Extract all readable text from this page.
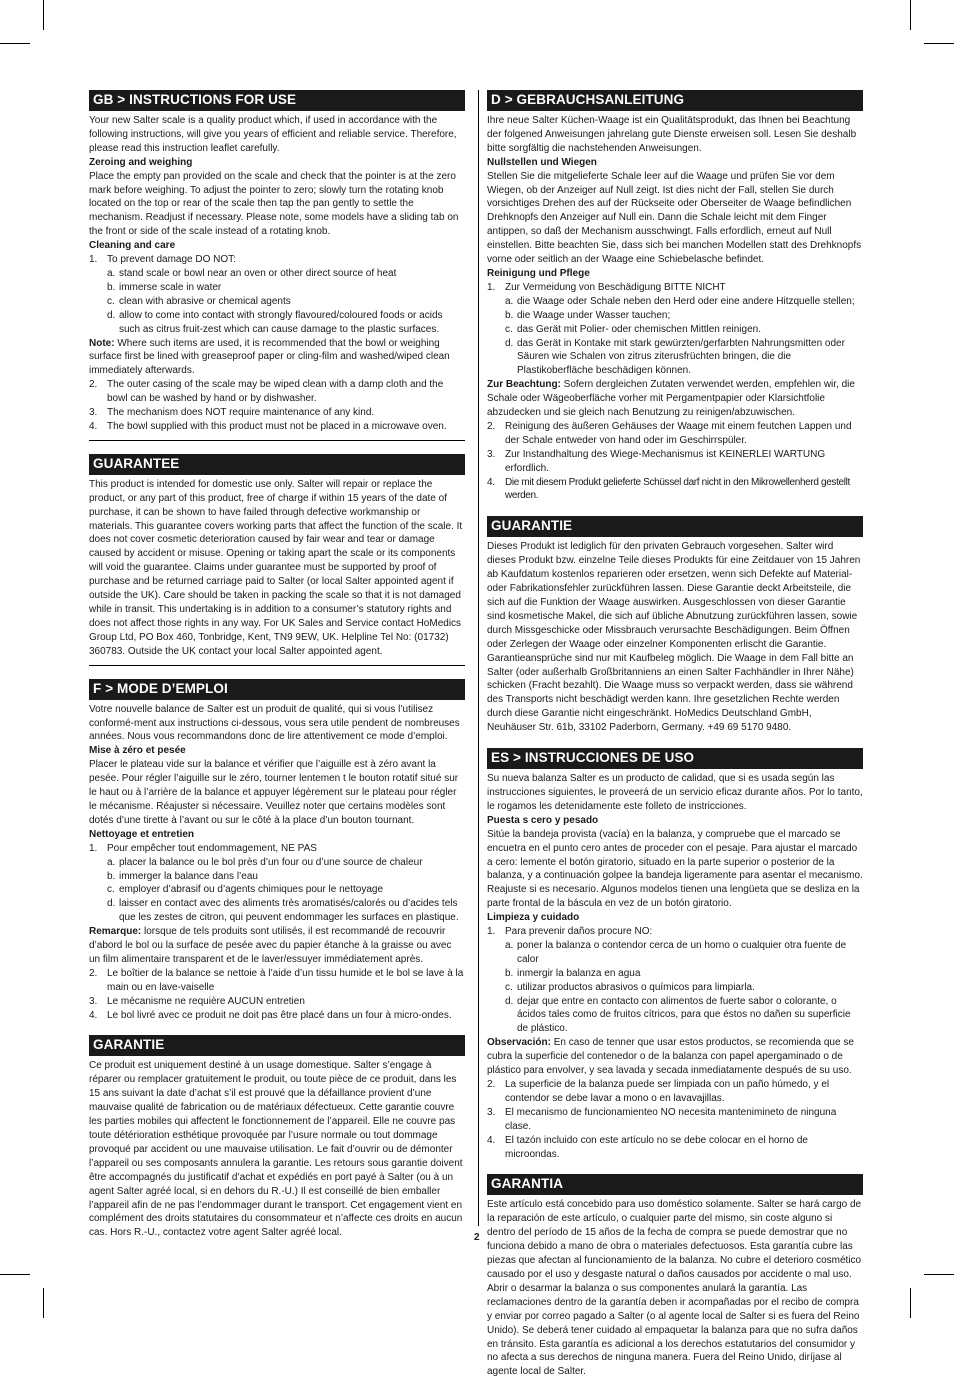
GB > INSTRUCTIONS FOR USE

Your new Salter scale is a quality product which, if used in accordance with the following instructions, will give you years of efficient and reliable service. Therefore, please read this instruction leaflet carefully.

Zeroing and weighing

Place the empty pan provided on the scale and check that the pointer is at the zero mark before weighing. To adjust the pointer to zero; slowly turn the rotating knob located on the top or rear of the scale then tap the pan gently to settle the mechanism. Readjust if necessary. Please note, some models have a sliding tab on the front or side of the scale instead of a rotating knob.

Cleaning and care

1. To prevent damage DO NOT:
a. stand scale or bowl near an oven or other direct source of heat
b. immerse scale in water
c. clean with abrasive or chemical agents
d. allow to come into contact with strongly flavoured/coloured foods or acids such as citrus fruit-zest which can cause damage to the plastic surfaces.

Note: Where such items are used, it is recommended that the bowl or weighing surface first be lined with greaseproof paper or cling-film and washed/wiped clean immediately afterwards.

2. The outer casing of the scale may be wiped clean with a damp cloth and the bowl can be washed by hand or by dishwasher.
3. The mechanism does NOT require maintenance of any kind.
4. The bowl supplied with this product must not be placed in a microwave oven.
GUARANTEE

This product is intended for domestic use only. Salter will repair or replace the product, or any part of this product, free of charge if within 15 years of the date of purchase, it can be shown to have failed through defective workmanship or materials. This guarantee covers working parts that affect the function of the scale. It does not cover cosmetic deterioration caused by fair wear and tear or damage caused by accident or misuse. Opening or taking apart the scale or its components will void the guarantee. Claims under guarantee must be supported by proof of purchase and be returned carriage paid to Salter (or local Salter appointed agent if outside the UK). Care should be taken in packing the scale so that it is not damaged while in transit. This undertaking is in addition to a consumer’s statutory rights and does not affect those rights in any way. For UK Sales and Service contact HoMedics Group Ltd, PO Box 460, Tonbridge, Kent, TN9 9EW, UK. Helpline Tel No: (01732) 360783. Outside the UK contact your local Salter appointed agent.

F > MODE D’EMPLOI

Votre nouvelle balance de Salter est un produit de qualité, qui si vous l’utilisez conformé-ment aux instructions ci-dessous, vous sera utile pendent de nombreuses années. Nous vous recommandons donc de lire attentivement ce mode d’emploi.

Mise à zéro et pesée

Placer le plateau vide sur la balance et vérifier que l’aiguille est à zéro avant la pesée. Pour régler l’aiguille sur le zéro, tourner lentemen t le bouton rotatif situé sur le haut ou à l’arrière de la balance et appuyer légèrement sur le plateau pour régler le mécanisme. Réajuster si nécessaire. Veuillez noter que certains modèles sont dotés d’une tirette à l’avant ou sur le côté à la place d’un bouton tournant.

Nettoyage et entretien

1. Pour empêcher tout endommagement, NE PAS
a. placer la balance ou le bol près d’un four ou d’une source de chaleur
b. immerger la balance dans l’eau
c. employer d’abrasif ou d’agents chimiques pour le nettoyage
d. laisser en contact avec des aliments très aromatisés/calorés ou d’acides tels que les zestes de citron, qui peuvent endommager les surfaces en plastique.

Remarque: lorsque de tels produits sont utilisés, il est recommandé de recouvrir d’abord le bol ou la surface de pesée avec du papier étanche à la graisse ou avec un film alimentaire transparent et de le laver/essuyer immédiatement après.

2. Le boîtier de la balance se nettoie à l’aide d’un tissu humide et le bol se lave à la main ou en lave-vaiselle
3. Le mécanisme ne requière AUCUN entretien
4. Le bol livré avec ce produit ne doit pas être placé dans un four à micro-ondes.
GARANTIE

Ce produit est uniquement destiné à un usage domestique. Salter s’engage à réparer ou remplacer gratuitement le produit, ou toute pièce de ce produit, dans les 15 ans suivant la date d’achat s’il est prouvé que la défaillance provient d’une mauvaise qualité de fabrication ou de matériaux défectueux. Cette garantie couvre les parties mobiles qui affectent le fonctionnement de l’appareil. Elle ne couvre pas toute détérioration esthétique provoquée par l’usure normale ou tout dommage provoqué par accident ou une mauvaise utilisation. Le fait d’ouvrir ou de démonter l’appareil ou ses composants annulera la garantie. Les retours sous garantie doivent être accompagnés du justificatif d’achat et expédiés en port payé à Salter (ou à un agent Salter agréé local, si en dehors du R.-U.) Il est conseillé de bien emballer l’appareil afin de ne pas l’endommager durant le transport. Cet engagement vient en complément des droits statutaires du consommateur et n’affecte ces droits en aucun cas. Hors R.-U., contactez votre agent Salter agréé local.

D > GEBRAUCHSANLEITUNG

Ihre neue Salter Küchen-Waage ist ein Qualitätsprodukt, das Ihnen bei Beachtung der folgened Anweisungen jahrelang gute Dienste erweisen soll. Lesen Sie deshalb bitte sorgfältig die nachstehenden Anweisungen.

Nullstellen und Wiegen

Stellen Sie die mitgelieferte Schale leer auf die Waage und prüfen Sie vor dem Wiegen, ob der Anzeiger auf Null zeigt. Ist dies nicht der Fall, stellen Sie durch vorsichtiges Drehen des auf der Rückseite oder Oberseiter de Waage befindlichen Drehknopfs den Anzeiger auf Null ein. Dann die Schale leicht mit dem Finger antippen, so daß der Mechanism ausschwingt. Falls erfordlich, erneut auf Null einstellen. Bitte beachten Sie, dass sich bei manchen Modellen statt des Drehknopfs vorne oder seitlich an der Waage eine Schiebelasche befindet.

Reinigung und Pflege

1. Zur Vermeidung von Beschädigung BITTE NICHT
a. die Waage oder Schale neben den Herd oder eine andere Hitzquelle stellen;
b. die Waage under Wasser tauchen;
c. das Gerät mit Polier- oder chemischen Mittlen reinigen.
d. das Gerät in Kontake mit stark gewürzten/gerfarbten Nahrungsmitten oder Säuren wie Schalen von zitrus ziterusfrüchten bringen, die die Plastikoberfläche beschädigen können.

Zur Beachtung: Sofern dergleichen Zutaten verwendet werden, empfehlen wir, die Schale oder Wägeoberfläche vorher mit Pergamentpapier oder Klarsichtfolie abzudecken und sie gleich nach Benutzung zu reinigen/abzuwischen.

2. Reinigung des äußeren Gehäuses der Waage mit einem feutchen Lappen und der Schale entweder von hand oder im Geschirrspüler.
3. Zur Instandhaltung des Wiege-Mechanismus ist KEINERLEI WARTUNG erfordlich.
4.	Die mit diesem Produkt gelieferte Schüssel darf nicht in den Mikrowellenherd gestellt werden.
GUARANTIE

Dieses Produkt ist lediglich für den privaten Gebrauch vorgesehen. Salter wird dieses Produkt bzw. einzelne Teile dieses Produkts für eine Zeitdauer von 15 Jahren ab Kaufdatum kostenlos reparieren oder ersetzen, wenn sich Defekte auf Material- oder Fabrikationsfehler zurückführen lassen. Diese Garantie deckt Arbeitsteile, die sich auf die Funktion der Waage auswirken. Ausgeschlossen von dieser Garantie sind kosmetische Makel, die sich auf übliche Abnutzung zurückführen lassen, sowie durch Missgeschicke oder Missbrauch verursachte Beschädigungen. Beim Öffnen oder Zerlegen der Waage oder einzelner Komponenten erlischt die Garantie. Garantieansprüche sind nur mit Kaufbeleg möglich. Die Waage in dem Fall bitte an Salter (oder außerhalb Großbritanniens an einen Salter Fachhändler in Ihrer Nähe) schicken (Fracht bezahlt). Die Waage muss so verpackt werden, dass sie während des Transports nicht beschädigt werden kann. Ihre gesetzlichen Rechte werden durch diese Garantie nicht eingeschränkt. HoMedics Deutschland GmbH, Neuhäuser Str. 61b, 33102 Paderborn, Germany. +49 69 5170 9480.

ES > INSTRUCCIONES DE USO

Su nueva balanza Salter es un producto de calidad, que si es usada según las instrucciones siguientes, le proveerá de un servicio eficaz durante años. Por lo tanto, le rogamos les detenidamente este folleto de instricciones.

Puesta s cero y pesado

Sitúe la bandeja provista (vacía) en la balanza, y compruebe que el marcado se encuetra en el punto cero antes de proceder con el pesaje. Para ajustar el marcado a cero: lemente el botón giratorio, situado en la parte superior o posterior de la balanza, y a continuación golpee la bandeja ligeramente para asentar el mecanismo. Reajuste si es necesario. Algunos modelos tienen una lengüeta que se desliza en la parte frontal de la báscula en vez de un botón giratorio.

Limpieza y cuidado

1. Para prevenir daños procure NO:
a. poner la balanza o contendor cerca de un horno o cualquier otra fuente de calor
b. inmergir la balanza en agua
c. utilizar productos abrasivos o químicos para limpiarla.
d. dejar que entre en contacto con alimentos de fuerte sabor o colorante, o ácidos tales como de fruitos cítricos, para que éstos no dañen su superficie de plástico.

Observación: En caso de tenner que usar estos productos, se recomienda que se cubra la superficie del contenedor o de la balanza con papel apergaminado o de plástico para envolver, y sea lavada y secada inmediatamente después de su uso.

2. La superficie de la balanza puede ser limpiada con un paño húmedo, y el contendor se debe lavar a mono o en lavavajillas.
3. El mecanismo de funcionamienteo NO necesita mantenimineto de ninguna clase.
4. El tazón incluido con este artículo no se debe colocar en el horno de microondas.
GARANTIA

Este artículo está concebido para uso doméstico solamente. Salter se hará cargo de la reparación de este artículo, o cualquier parte del mismo, sin coste alguno si dentro del período de 15 años de la fecha de compra se puede demostrar que no funciona debido a mano de obra o materiales defectuosos. Esta garantía cubre las piezas que afectan al funcionamiento de la balanza. No cubre el deterioro cosmético causado por el uso y desgaste natural o daños causados por accidente o mal uso. Abrir o desarmar la balanza o sus componentes anulará la garantía. Las reclamaciones dentro de la garantía deben ir acompañadas por el recibo de compra y enviar por correo pagado a Salter (o al agente local de Salter si es fuera del Reino Unido). Se deberá tener cuidado al empaquetar la balanza para que no sufra daños en tránsito. Esta garantía es adicional a los derechos estatutarios del consumidor y no afecta a sus derechos de ninguna manera. Fuera del Reino Unido, diríjase al agente local de Salter.

2
